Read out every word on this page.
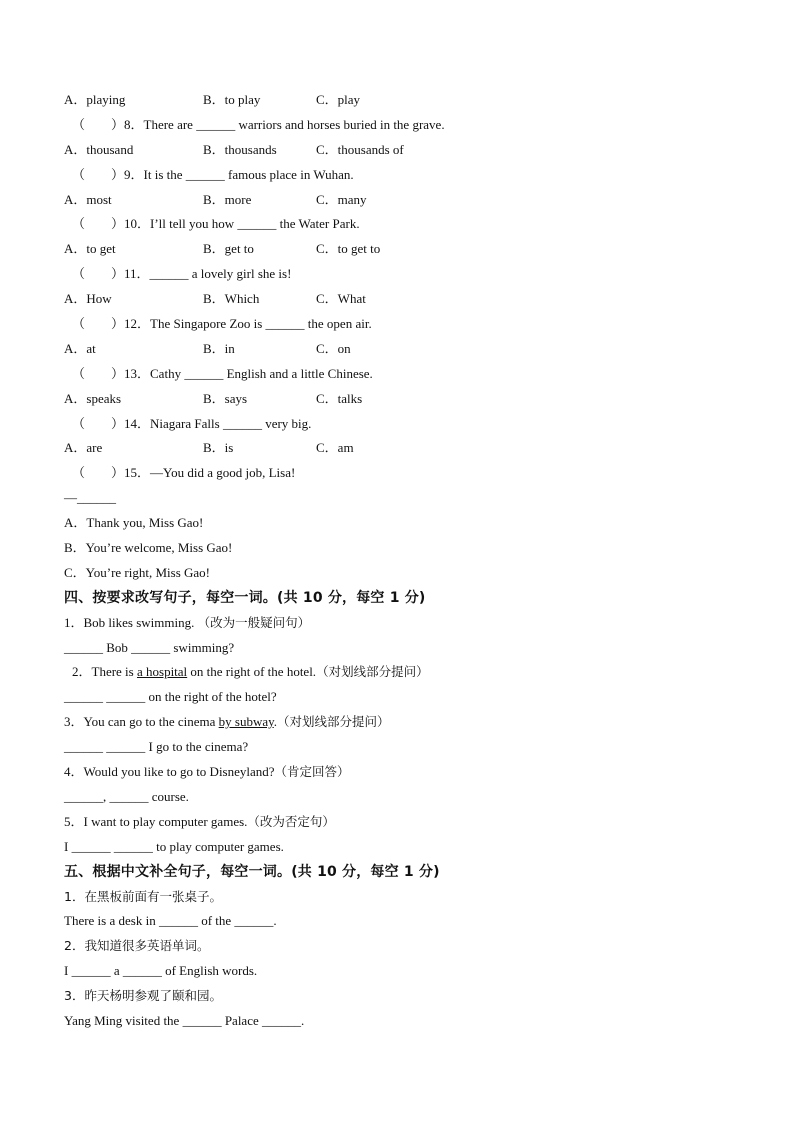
A．playing	B．to play	C．play
（　　）8．There are ______ warriors and horses buried in the grave.
A．thousand	B．thousands	C．thousands of
（　　）9．It is the ______ famous place in Wuhan.
A．most	B．more	C．many
（　　）10．I’ll tell you how ______ the Water Park.
A．to get	B．get to	C．to get to
（　　）11．______ a lovely girl she is!
A．How	B．Which	C．What
（　　）12．The Singapore Zoo is ______ the open air.
A．at	B．in	C．on
（　　）13．Cathy ______ English and a little Chinese.
A．speaks	B．says	C．talks
（　　）14．Niagara Falls ______ very big.
A．are	B．is	C．am
（　　）15．—You did a good job, Lisa!
—______
A．Thank you, Miss Gao!
B．You’re welcome, Miss Gao!
C．You’re right, Miss Gao!
四、按要求改写句子，每空一词。(共 10 分，每空 1 分)
1．Bob likes swimming. （改为一般疑问句）
______ Bob ______ swimming?
2．There is a hospital on the right of the hotel.（对划线部分提问）
______ ______ on the right of the hotel?
3．You can go to the cinema by subway.（对划线部分提问）
______ ______ I go to the cinema?
4．Would you like to go to Disneyland?（肯定回答）
______, ______ course.
5．I want to play computer games.（改为否定句）
I ______ ______ to play computer games.
五、根据中文补全句子，每空一词。(共 10 分，每空 1 分)
1．在黑板前面有一张桌子。
There is a desk in ______ of the ______.
2．我知道很多英语单词。
I ______ a ______ of English words.
3．昨天杨明参观了颐和园。
Yang Ming visited the ______ Palace ______.
